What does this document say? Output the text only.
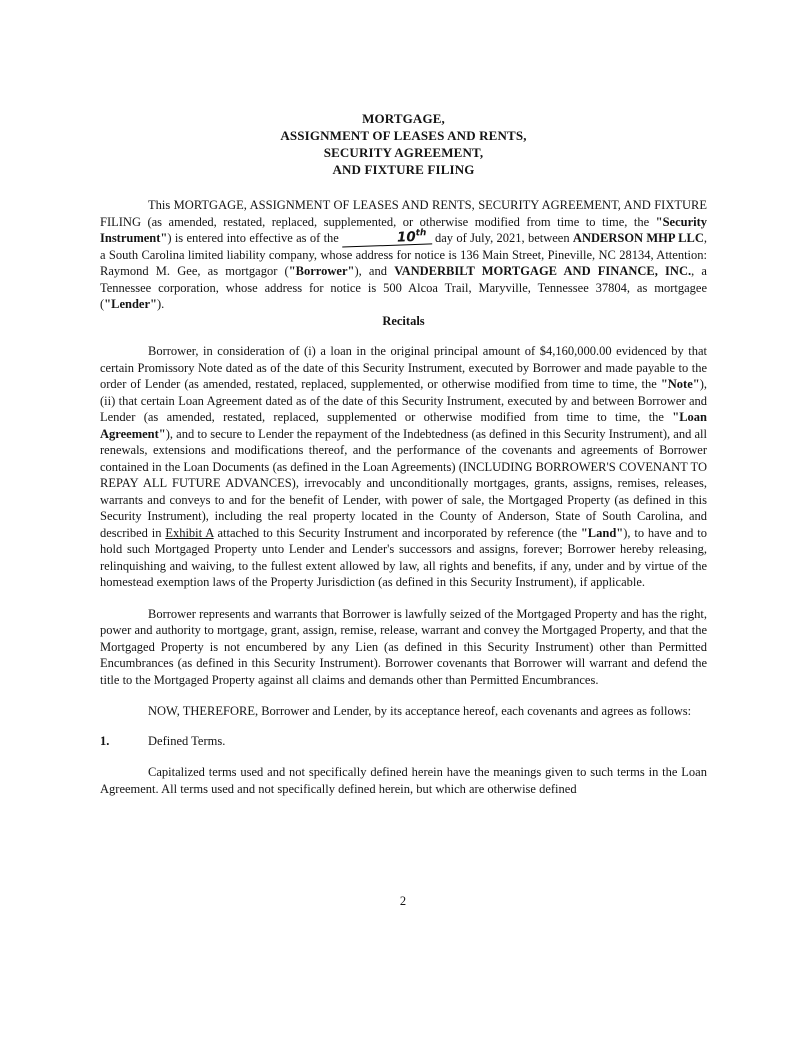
MORTGAGE,
ASSIGNMENT OF LEASES AND RENTS,
SECURITY AGREEMENT,
AND FIXTURE FILING

This MORTGAGE, ASSIGNMENT OF LEASES AND RENTS, SECURITY AGREEMENT, AND FIXTURE FILING (as amended, restated, replaced, supplemented, or otherwise modified from time to time, the "Security Instrument") is entered into effective as of the	10th day of July, 2021, between ANDERSON MHP LLC, a South Carolina limited liability company, whose address for notice is 136 Main Street, Pineville, NC 28134, Attention: Raymond M. Gee, as mortgagor ("Borrower"), and VANDERBILT MORTGAGE AND FINANCE, INC., a Tennessee corporation, whose address for notice is 500 Alcoa Trail, Maryville, Tennessee 37804, as mortgagee ("Lender").

Recitals

Borrower, in consideration of (i) a loan in the original principal amount of $4,160,000.00 evidenced by that certain Promissory Note dated as of the date of this Security Instrument, executed by Borrower and made payable to the order of Lender (as amended, restated, replaced, supplemented, or otherwise modified from time to time, the "Note"), (ii) that certain Loan Agreement dated as of the date of this Security Instrument, executed by and between Borrower and Lender (as amended, restated, replaced, supplemented or otherwise modified from time to time, the "Loan Agreement"), and to secure to Lender the repayment of the Indebtedness (as defined in this Security Instrument), and all renewals, extensions and modifications thereof, and the performance of the covenants and agreements of Borrower contained in the Loan Documents (as defined in the Loan Agreements) (INCLUDING BORROWER'S COVENANT TO REPAY ALL FUTURE ADVANCES), irrevocably and unconditionally mortgages, grants, assigns, remises, releases, warrants and conveys to and for the benefit of Lender, with power of sale, the Mortgaged Property (as defined in this Security Instrument), including the real property located in the County of Anderson, State of South Carolina, and described in Exhibit A attached to this Security Instrument and incorporated by reference (the "Land"), to have and to hold such Mortgaged Property unto Lender and Lender's successors and assigns, forever; Borrower hereby releasing, relinquishing and waiving, to the fullest extent allowed by law, all rights and benefits, if any, under and by virtue of the homestead exemption laws of the Property Jurisdiction (as defined in this Security Instrument), if applicable.

Borrower represents and warrants that Borrower is lawfully seized of the Mortgaged Property and has the right, power and authority to mortgage, grant, assign, remise, release, warrant and convey the Mortgaged Property, and that the Mortgaged Property is not encumbered by any Lien (as defined in this Security Instrument) other than Permitted Encumbrances (as defined in this Security Instrument). Borrower covenants that Borrower will warrant and defend the title to the Mortgaged Property against all claims and demands other than Permitted Encumbrances.

NOW, THEREFORE, Borrower and Lender, by its acceptance hereof, each covenants and agrees as follows:

1.	Defined Terms.

Capitalized terms used and not specifically defined herein have the meanings given to such terms in the Loan Agreement. All terms used and not specifically defined herein, but which are otherwise defined

2
